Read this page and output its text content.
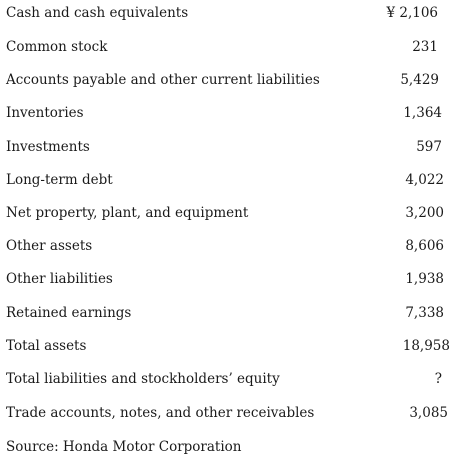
Cash and cash equivalents	¥ 2,106
Common stock	231
Accounts payable and other current liabilities	5,429
Inventories	1,364
Investments	597
Long-term debt	4,022
Net property, plant, and equipment	3,200
Other assets	8,606
Other liabilities	1,938
Retained earnings	7,338
Total assets	18,958
Total liabilities and stockholders’ equity	?
Trade accounts, notes, and other receivables	3,085
Source: Honda Motor Corporation
